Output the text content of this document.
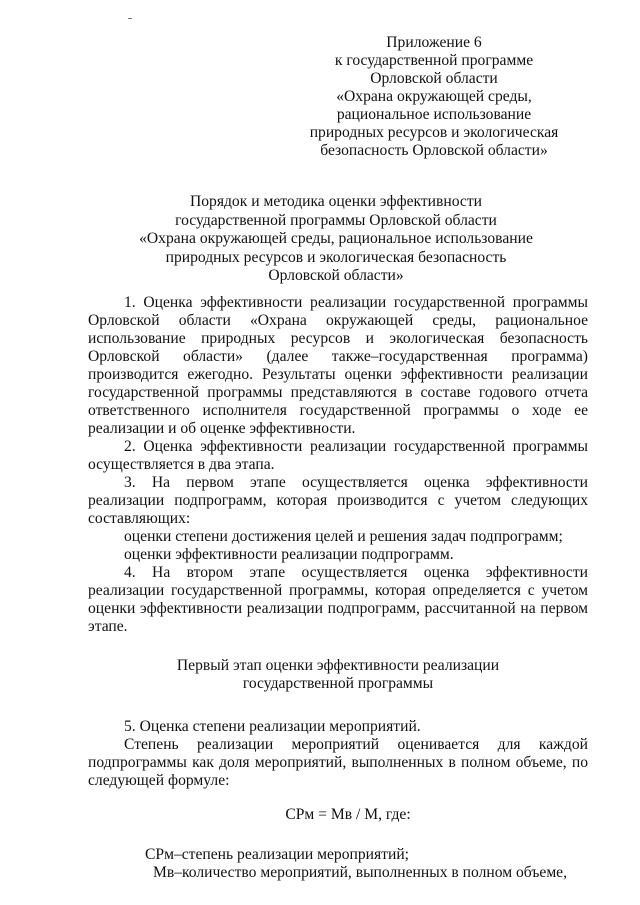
Приложение 6
к государственной программе
Орловской области
«Охрана окружающей среды,
рациональное использование
природных ресурсов и экологическая
безопасность Орловской области»
Порядок и методика оценки эффективности
государственной программы Орловской области
«Охрана окружающей среды, рациональное использование
природных ресурсов и экологическая безопасность
Орловской области»

1. Оценка эффективности реализации государственной программы Орловской области «Охрана окружающей среды, рациональное использование природных ресурсов и экологическая безопасность Орловской области» (далее также–государственная программа) производится ежегодно. Результаты оценки эффективности реализации государственной программы представляются в составе годового отчета ответственного исполнителя государственной программы о ходе ее реализации и об оценке эффективности.

2. Оценка эффективности реализации государственной программы осуществляется в два этапа.

3. На первом этапе осуществляется оценка эффективности реализации подпрограмм, которая производится с учетом следующих составляющих:

оценки степени достижения целей и решения задач подпрограмм;

оценки эффективности реализации подпрограмм.

4. На втором этапе осуществляется оценка эффективности реализации государственной программы, которая определяется с учетом оценки эффективности реализации подпрограмм, рассчитанной на первом этапе.

Первый этап оценки эффективности реализации
государственной программы

5. Оценка степени реализации мероприятий.

Степень реализации мероприятий оценивается для каждой подпрограммы как доля мероприятий, выполненных в полном объеме, по следующей формуле:

СРм = Мв / М, где:

СРм–степень реализации мероприятий;

Мв–количество мероприятий, выполненных в полном объеме,
